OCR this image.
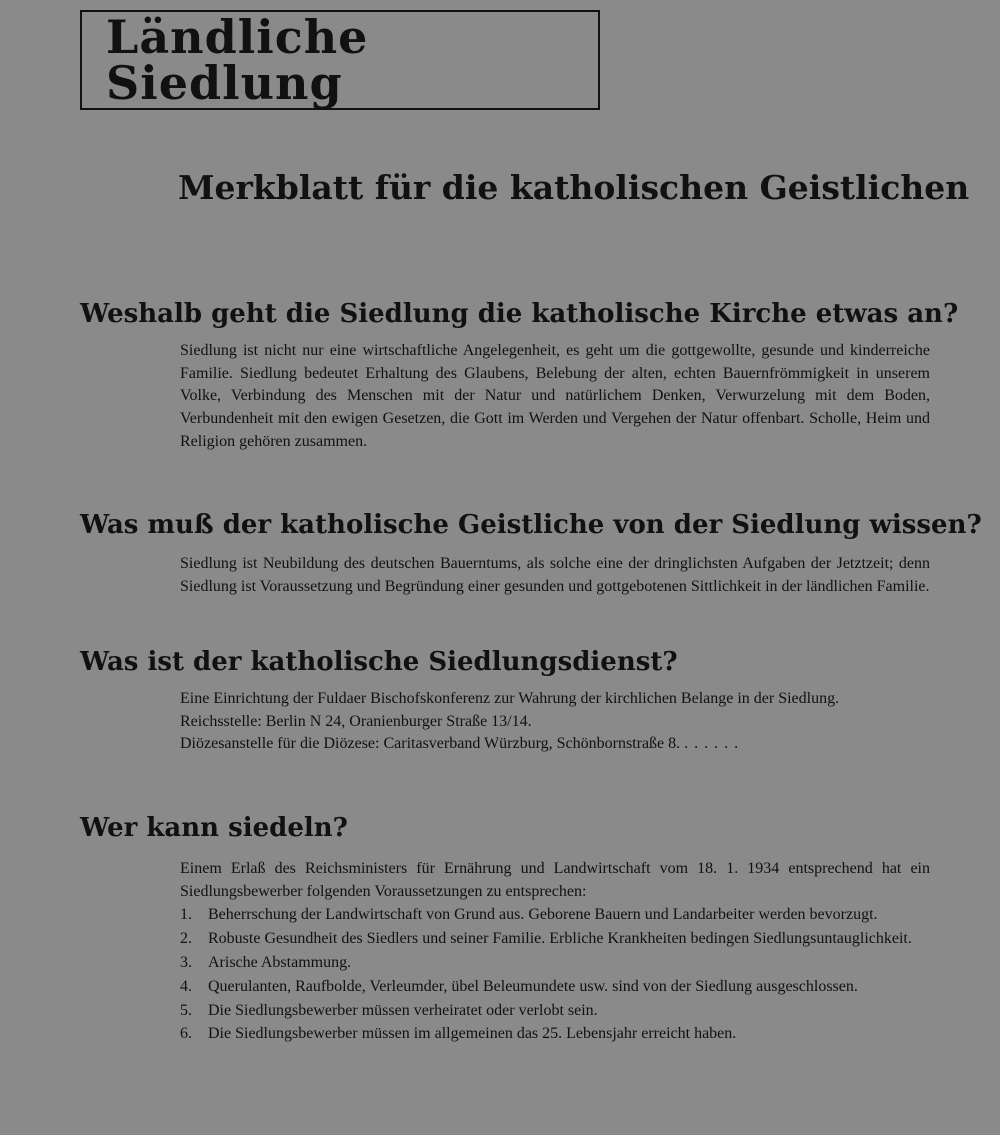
Ländliche Siedlung
Merkblatt für die katholischen Geistlichen
Weshalb geht die Siedlung die katholische Kirche etwas an?

Siedlung ist nicht nur eine wirtschaftliche Angelegenheit, es geht um die gottgewollte, gesunde und kinderreiche Familie. Siedlung bedeutet Erhaltung des Glaubens, Belebung der alten, echten Bauernfrömmigkeit in unserem Volke, Verbindung des Menschen mit der Natur und natürlichem Denken, Verwurzelung mit dem Boden, Verbundenheit mit den ewigen Gesetzen, die Gott im Werden und Vergehen der Natur offenbart. Scholle, Heim und Religion gehören zusammen.

Was muß der katholische Geistliche von der Siedlung wissen?

Siedlung ist Neubildung des deutschen Bauerntums, als solche eine der dringlichsten Aufgaben der Jetztzeit; denn Siedlung ist Voraussetzung und Begründung einer gesunden und gottgebotenen Sittlichkeit in der ländlichen Familie.

Was ist der katholische Siedlungsdienst?

Eine Einrichtung der Fuldaer Bischofskonferenz zur Wahrung der kirchlichen Belange in der Siedlung.

Reichsstelle: Berlin N 24, Oranienburger Straße 13/14.

Diözesanstelle für die Diözese: Caritasverband Würzburg, Schönbornstraße 8. ......

Wer kann siedeln?

Einem Erlaß des Reichsministers für Ernährung und Landwirtschaft vom 18. 1. 1934 entsprechend hat ein Siedlungsbewerber folgenden Voraussetzungen zu entsprechen:

1.	Beherrschung der Landwirtschaft von Grund aus. Geborene Bauern und Landarbeiter werden bevorzugt.
2.	Robuste Gesundheit des Siedlers und seiner Familie. Erbliche Krankheiten bedingen Siedlungsuntauglichkeit.
3.	Arische Abstammung.
4.	Querulanten, Raufbolde, Verleumder, übel Beleumundete usw. sind von der Siedlung ausgeschlossen.
5.	Die Siedlungsbewerber müssen verheiratet oder verlobt sein.
6.	Die Siedlungsbewerber müssen im allgemeinen das 25. Lebensjahr erreicht haben.
